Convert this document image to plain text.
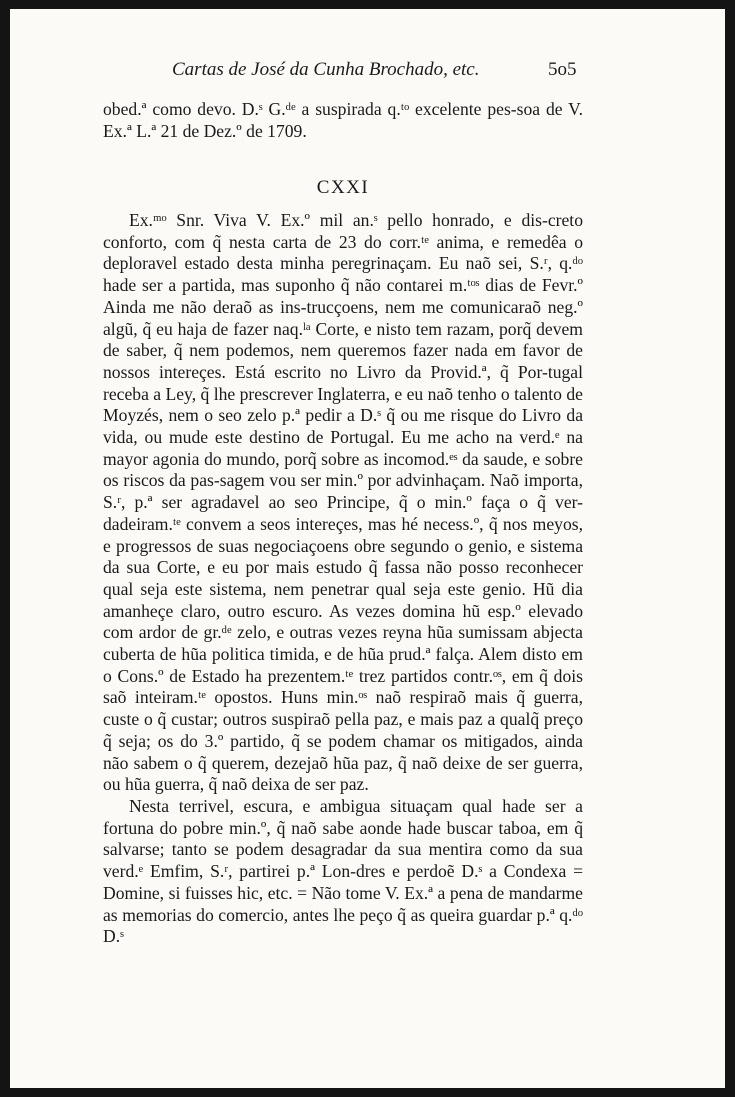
Cartas de José da Cunha Brochado, etc.	5o5

obed.ª como devo. D.ˢ G.ᵈᵉ a suspirada q.ᵗᵒ excelente pes-soa de V. Ex.ª L.ª 21 de Dez.º de 1709.

CXXI

Ex.ᵐᵒ Snr. Viva V. Ex.º mil an.ˢ pello honrado, e dis-creto conforto, com q̃ nesta carta de 23 do corr.ᵗᵉ anima, e remedêa o deploravel estado desta minha peregrinaçam. Eu naõ sei, S.ʳ, q.ᵈᵒ hade ser a partida, mas suponho q̃ não contarei m.ᵗᵒˢ dias de Fevr.º Ainda me não deraõ as ins-trucçoens, nem me comunicaraõ neg.º algũ, q̃ eu haja de fazer naq.ˡᵃ Corte, e nisto tem razam, porq̃ devem de saber, q̃ nem podemos, nem queremos fazer nada em favor de nossos intereçes. Está escrito no Livro da Provid.ª, q̃ Por-tugal receba a Ley, q̃ lhe prescrever Inglaterra, e eu naõ tenho o talento de Moyzés, nem o seo zelo p.ª pedir a D.ˢ q̃ ou me risque do Livro da vida, ou mude este destino de Portugal. Eu me acho na verd.ᵉ na mayor agonia do mundo, porq̃ sobre as incomod.ᵉˢ da saude, e sobre os riscos da pas-sagem vou ser min.º por advinhaçam. Naõ importa, S.ʳ, p.ª ser agradavel ao seo Principe, q̃ o min.º faça o q̃ ver-dadeiram.ᵗᵉ convem a seos intereçes, mas hé necess.º, q̃ nos meyos, e progressos de suas negociaçoens obre segundo o genio, e sistema da sua Corte, e eu por mais estudo q̃ fassa não posso reconhecer qual seja este sistema, nem penetrar qual seja este genio. Hũ dia amanheçe claro, outro escuro. As vezes domina hũ esp.º elevado com ardor de gr.ᵈᵉ zelo, e outras vezes reyna hũa sumissam abjecta cuberta de hũa politica timida, e de hũa prud.ª falça. Alem disto em o Cons.º de Estado ha prezentem.ᵗᵉ trez partidos contr.ᵒˢ, em q̃ dois saõ inteiram.ᵗᵉ opostos. Huns min.ᵒˢ naõ respiraõ mais q̃ guerra, custe o q̃ custar; outros suspiraõ pella paz, e mais paz a qualq̃ preço q̃ seja; os do 3.º partido, q̃ se podem chamar os mitigados, ainda não sabem o q̃ querem, dezejaõ hũa paz, q̃ naõ deixe de ser guerra, ou hũa guerra, q̃ naõ deixa de ser paz.

Nesta terrivel, escura, e ambigua situaçam qual hade ser a fortuna do pobre min.º, q̃ naõ sabe aonde hade buscar taboa, em q̃ salvarse; tanto se podem desagradar da sua mentira como da sua verd.ᵉ Emfim, S.ʳ, partirei p.ª Lon-dres e perdoẽ D.ˢ a Condexa = Domine, si fuisses hic, etc. = Não tome V. Ex.ª a pena de mandarme as memorias do comercio, antes lhe peço q̃ as queira guardar p.ª q.ᵈᵒ D.ˢ
